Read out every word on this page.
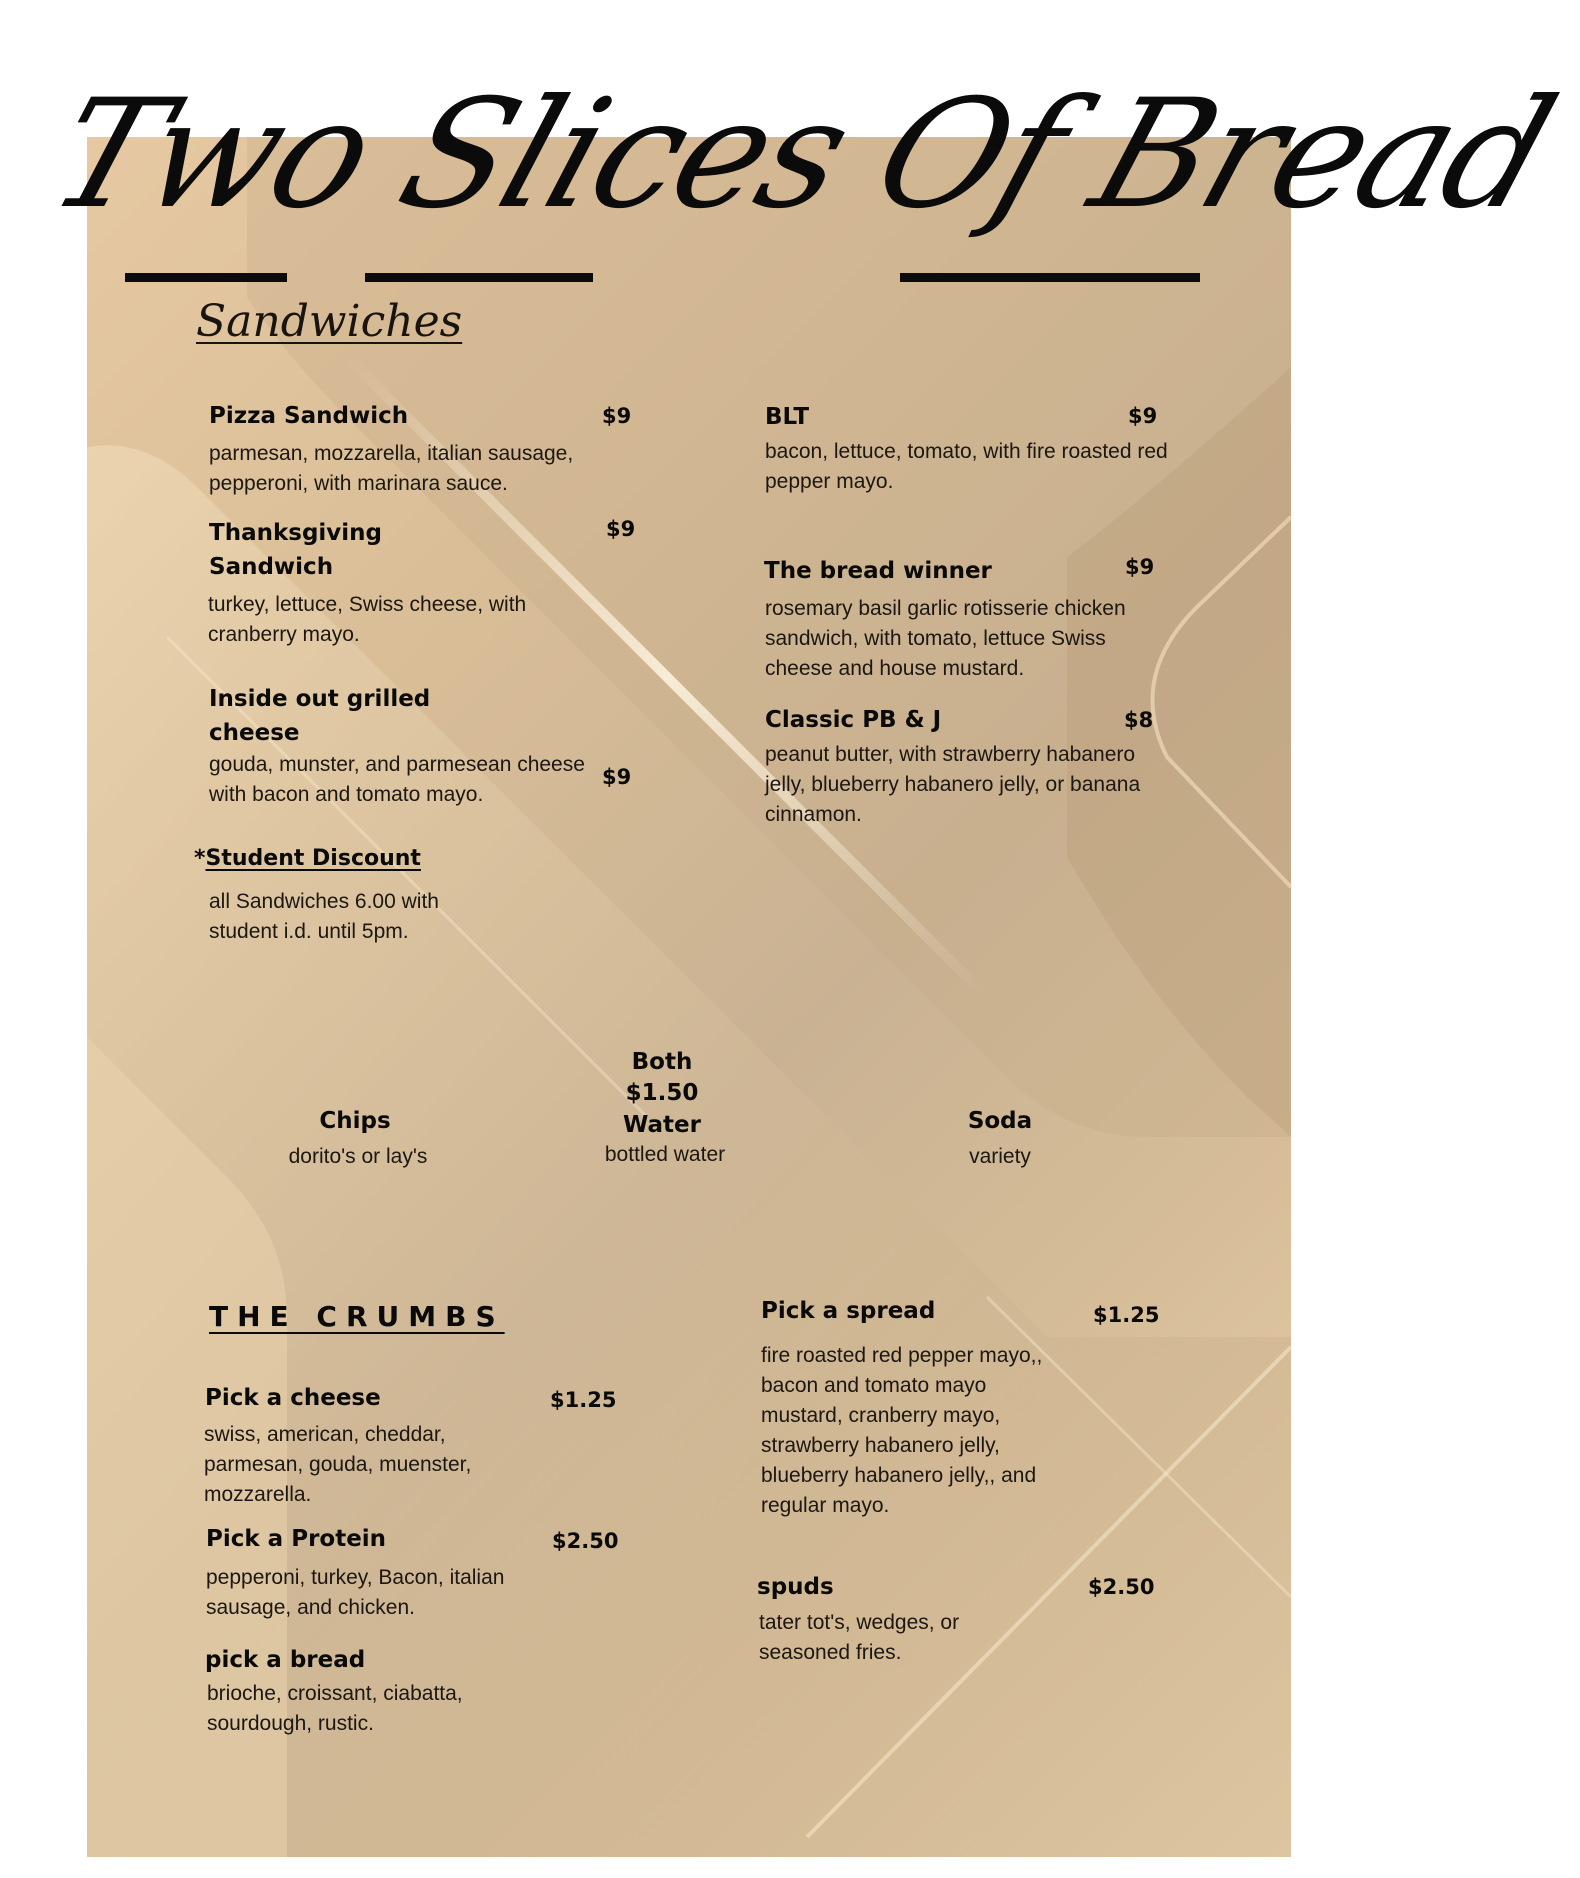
Two Slices Of Bread
Sandwiches
Pizza Sandwich	$9
parmesan, mozzarella, italian sausage, pepperoni, with marinara sauce.
Thanksgiving Sandwich
$9
turkey, lettuce, Swiss cheese, with cranberry mayo.
Inside out grilled cheese
$9
gouda, munster, and parmesean cheese with bacon and tomato mayo.
BLT	$9
bacon, lettuce, tomato, with fire roasted red pepper mayo.
The bread winner	$9
rosemary basil garlic rotisserie chicken sandwich, with tomato, lettuce Swiss cheese and house mustard.
Classic PB & J	$8
peanut butter, with strawberry habanero jelly, blueberry habanero jelly, or banana cinnamon.
*Student Discount
all Sandwiches 6.00 with student i.d. until 5pm.
Both
$1.50
Chips
dorito's or lay's
Water
bottled water
Soda
variety
THE CRUMBS
Pick a cheese	$1.25
swiss, american, cheddar, parmesan, gouda, muenster, mozzarella.
Pick a Protein	$2.50
pepperoni, turkey, Bacon, italian sausage, and chicken.
pick a bread
brioche, croissant, ciabatta, sourdough, rustic.
Pick a spread	$1.25
fire roasted red pepper mayo,, bacon and tomato mayo mustard, cranberry mayo, strawberry habanero jelly, blueberry habanero jelly,, and regular mayo.
spuds	$2.50
tater tot's, wedges, or seasoned fries.
